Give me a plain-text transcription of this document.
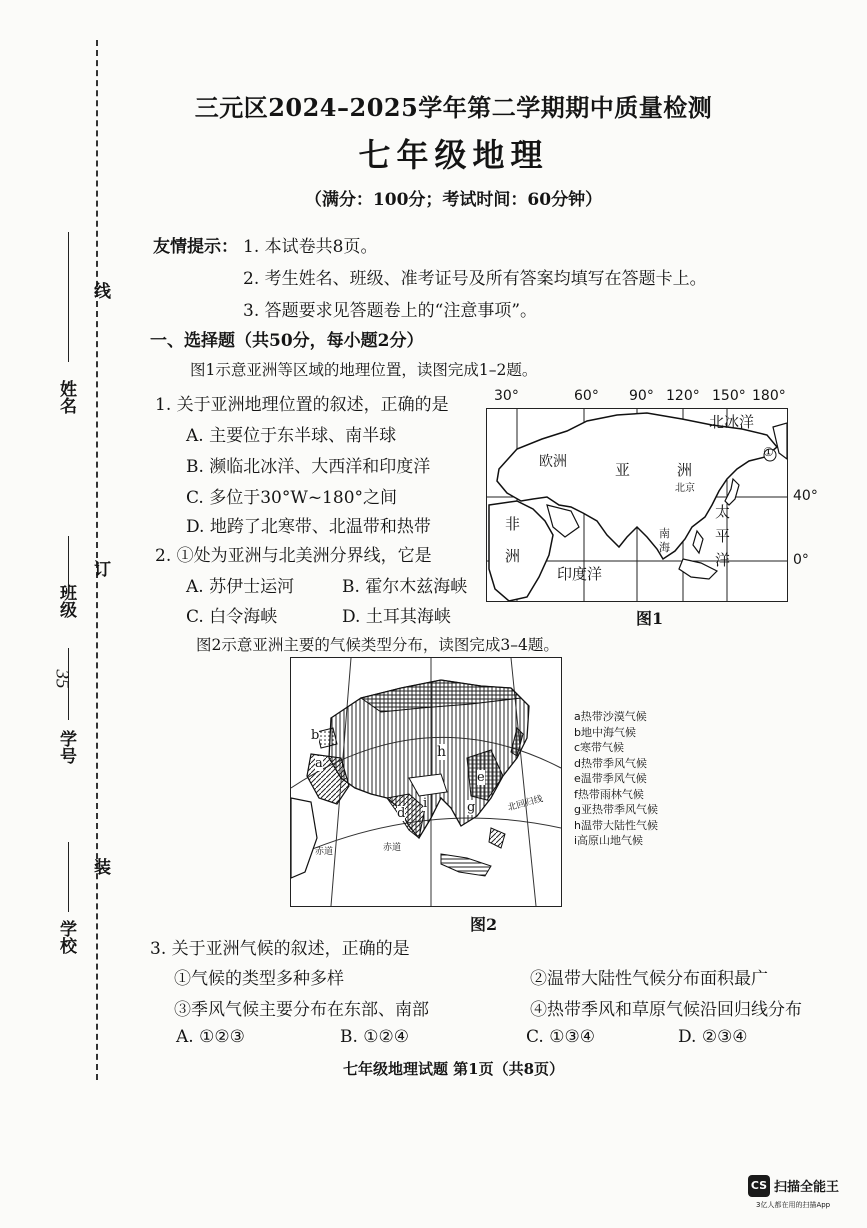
线
订
装
姓名
班级
学号
35
学校
三元区2024–2025学年第二学期期中质量检测
七年级地理
（满分：100分；考试时间：60分钟）
友情提示： 1. 本试卷共8页。
2. 考生姓名、班级、准考证号及所有答案均填写在答题卡上。
3. 答题要求见答题卷上的“注意事项”。
一、选择题（共50分，每小题2分）
图1示意亚洲等区域的地理位置，读图完成1–2题。
1. 关于亚洲地理位置的叙述，正确的是
A. 主要位于东半球、南半球
B. 濒临北冰洋、大西洋和印度洋
C. 多位于30°W~180°之间
D. 地跨了北寒带、北温带和热带
2. ①处为亚洲与北美洲分界线，它是
A. 苏伊士运河	B. 霍尔木兹海峡
C. 白令海峡	D. 土耳其海峡
图2示意亚洲主要的气候类型分布，读图完成3–4题。
30°	60° 90° 120° 150° 180°
北冰洋
欧洲	亚	洲
北京
非
洲
印度洋
南
海
太
平
洋
①
40°
0°
图1
b
a
h
e
i	g
d
北回归线
赤道	赤道
a热带沙漠气候
b地中海气候
c寒带气候
d热带季风气候
e温带季风气候
f热带雨林气候
g亚热带季风气候
h温带大陆性气候
i高原山地气候
图2
3. 关于亚洲气候的叙述，正确的是
①气候的类型多种多样	②温带大陆性气候分布面积最广
③季风气候主要分布在东部、南部	④热带季风和草原气候沿回归线分布
A. ①②③	B. ①②④	C. ①③④	D. ②③④
七年级地理试题 第1页（共8页）
CS 扫描全能王
3亿人都在用的扫描App
